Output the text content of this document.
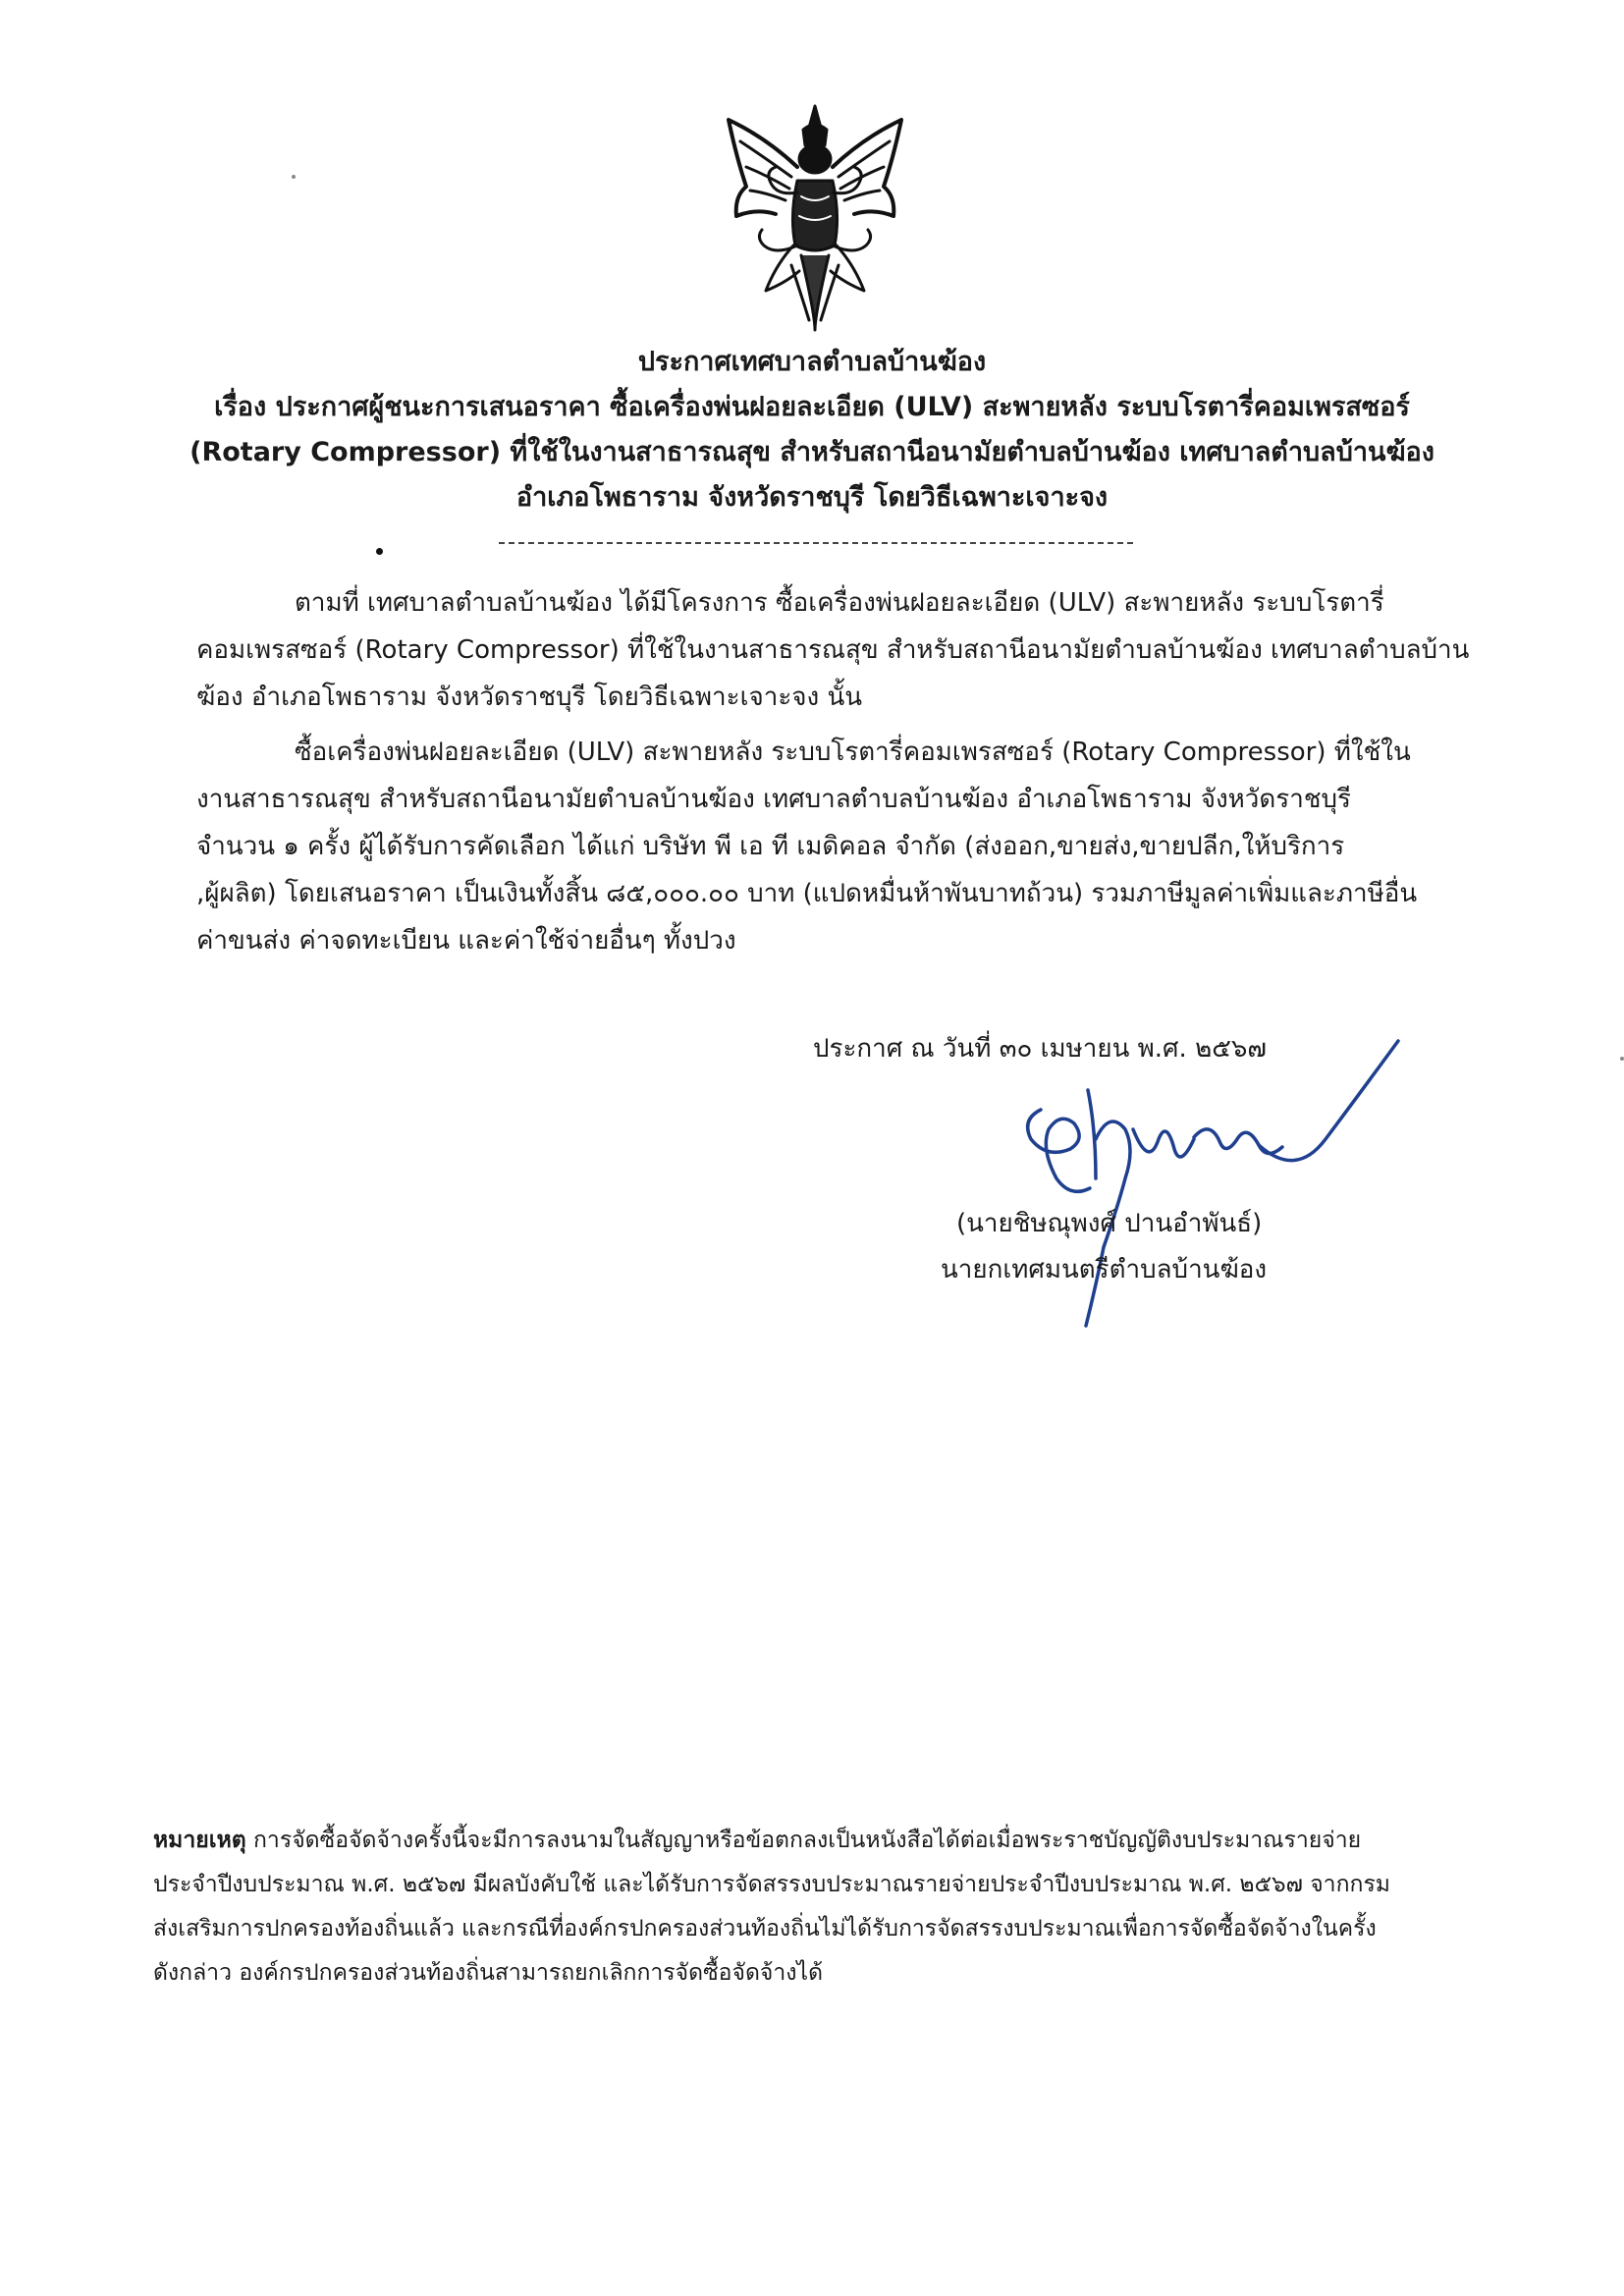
ประกาศเทศบาลตำบลบ้านฆ้อง
เรื่อง ประกาศผู้ชนะการเสนอราคา ซื้อเครื่องพ่นฝอยละเอียด (ULV) สะพายหลัง ระบบโรตารี่คอมเพรสซอร์
(Rotary Compressor) ที่ใช้ในงานสาธารณสุข สำหรับสถานีอนามัยตำบลบ้านฆ้อง เทศบาลตำบลบ้านฆ้อง
อำเภอโพธาราม จังหวัดราชบุรี โดยวิธีเฉพาะเจาะจง
ตามที่ เทศบาลตำบลบ้านฆ้อง ได้มีโครงการ ซื้อเครื่องพ่นฝอยละเอียด (ULV) สะพายหลัง ระบบโรตารี่
คอมเพรสซอร์ (Rotary Compressor) ที่ใช้ในงานสาธารณสุข สำหรับสถานีอนามัยตำบลบ้านฆ้อง เทศบาลตำบลบ้าน
ฆ้อง อำเภอโพธาราม จังหวัดราชบุรี โดยวิธีเฉพาะเจาะจง นั้น
ซื้อเครื่องพ่นฝอยละเอียด (ULV) สะพายหลัง ระบบโรตารี่คอมเพรสซอร์ (Rotary Compressor) ที่ใช้ใน
งานสาธารณสุข สำหรับสถานีอนามัยตำบลบ้านฆ้อง เทศบาลตำบลบ้านฆ้อง อำเภอโพธาราม จังหวัดราชบุรี
จำนวน ๑ ครั้ง ผู้ได้รับการคัดเลือก ได้แก่ บริษัท พี เอ ที เมดิคอล จำกัด (ส่งออก,ขายส่ง,ขายปลีก,ให้บริการ
,ผู้ผลิต) โดยเสนอราคา เป็นเงินทั้งสิ้น ๘๕,๐๐๐.๐๐ บาท (แปดหมื่นห้าพันบาทถ้วน) รวมภาษีมูลค่าเพิ่มและภาษีอื่น
ค่าขนส่ง ค่าจดทะเบียน และค่าใช้จ่ายอื่นๆ ทั้งปวง
ประกาศ ณ วันที่ ๓๐ เมษายน พ.ศ. ๒๕๖๗
(นายชิษณุพงศ์ ปานอำพันธ์)
นายกเทศมนตรีตำบลบ้านฆ้อง
หมายเหตุ การจัดซื้อจัดจ้างครั้งนี้จะมีการลงนามในสัญญาหรือข้อตกลงเป็นหนังสือได้ต่อเมื่อพระราชบัญญัติงบประมาณรายจ่าย
ประจำปีงบประมาณ พ.ศ. ๒๕๖๗ มีผลบังคับใช้ และได้รับการจัดสรรงบประมาณรายจ่ายประจำปีงบประมาณ พ.ศ. ๒๕๖๗ จากกรม
ส่งเสริมการปกครองท้องถิ่นแล้ว และกรณีที่องค์กรปกครองส่วนท้องถิ่นไม่ได้รับการจัดสรรงบประมาณเพื่อการจัดซื้อจัดจ้างในครั้ง
ดังกล่าว องค์กรปกครองส่วนท้องถิ่นสามารถยกเลิกการจัดซื้อจัดจ้างได้
